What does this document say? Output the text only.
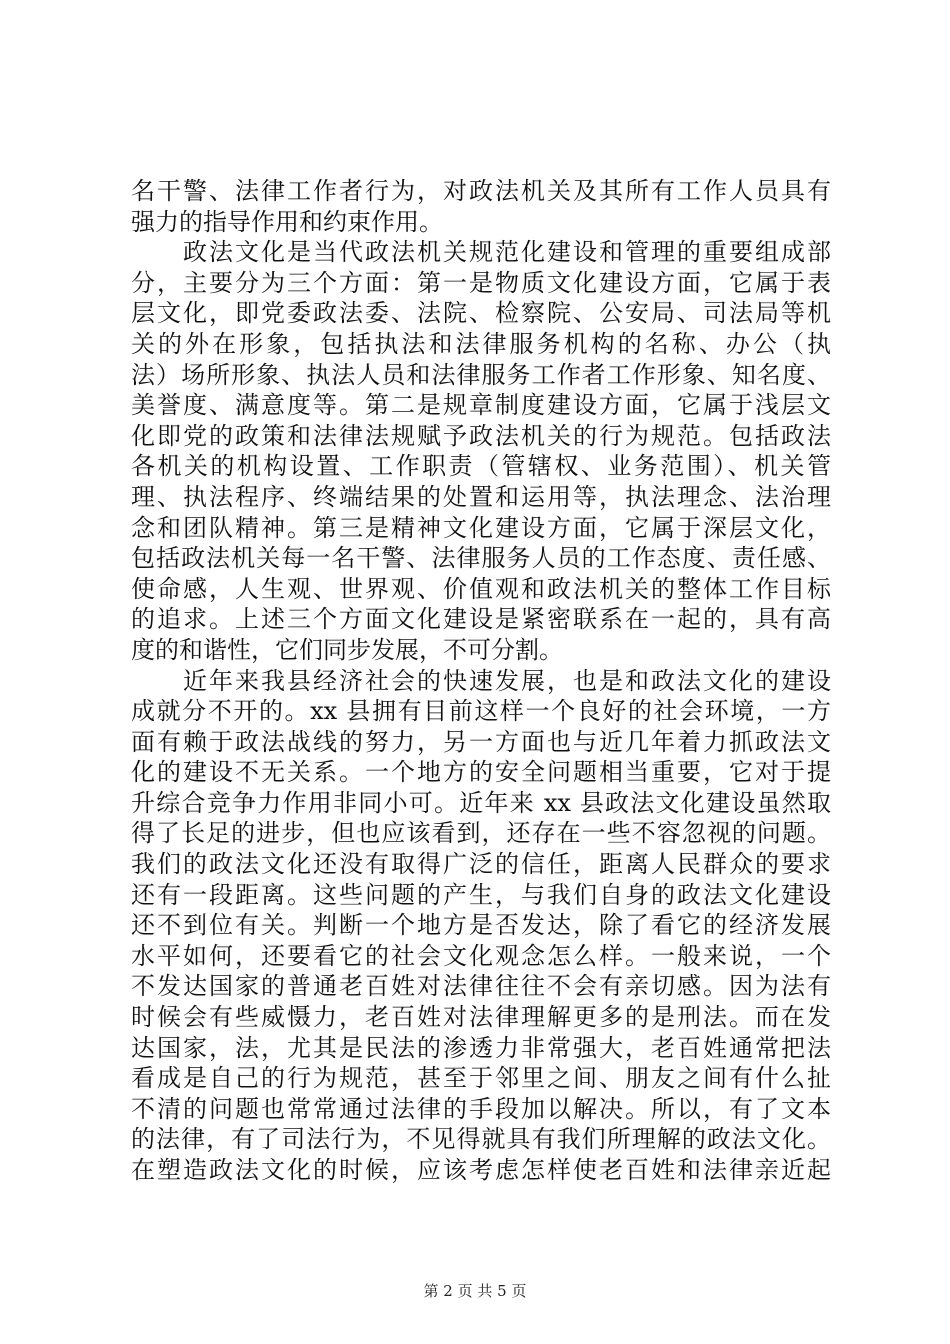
名干警、法律工作者行为，对政法机关及其所有工作人员具有
强力的指导作用和约束作用。
　　政法文化是当代政法机关规范化建设和管理的重要组成部
分，主要分为三个方面：第一是物质文化建设方面，它属于表
层文化，即党委政法委、法院、检察院、公安局、司法局等机
关的外在形象，包括执法和法律服务机构的名称、办公（执
法）场所形象、执法人员和法律服务工作者工作形象、知名度、
美誉度、满意度等。第二是规章制度建设方面，它属于浅层文
化即党的政策和法律法规赋予政法机关的行为规范。包括政法
各机关的机构设置、工作职责（管辖权、业务范围）、机关管
理、执法程序、终端结果的处置和运用等，执法理念、法治理
念和团队精神。第三是精神文化建设方面，它属于深层文化，
包括政法机关每一名干警、法律服务人员的工作态度、责任感、
使命感，人生观、世界观、价值观和政法机关的整体工作目标
的追求。上述三个方面文化建设是紧密联系在一起的，具有高
度的和谐性，它们同步发展，不可分割。
　　近年来我县经济社会的快速发展，也是和政法文化的建设
成就分不开的。xx 县拥有目前这样一个良好的社会环境，一方
面有赖于政法战线的努力，另一方面也与近几年着力抓政法文
化的建设不无关系。一个地方的安全问题相当重要，它对于提
升综合竞争力作用非同小可。近年来 xx 县政法文化建设虽然取
得了长足的进步，但也应该看到，还存在一些不容忽视的问题。
我们的政法文化还没有取得广泛的信任，距离人民群众的要求
还有一段距离。这些问题的产生，与我们自身的政法文化建设
还不到位有关。判断一个地方是否发达，除了看它的经济发展
水平如何，还要看它的社会文化观念怎么样。一般来说，一个
不发达国家的普通老百姓对法律往往不会有亲切感。因为法有
时候会有些威慑力，老百姓对法律理解更多的是刑法。而在发
达国家，法，尤其是民法的渗透力非常强大，老百姓通常把法
看成是自己的行为规范，甚至于邻里之间、朋友之间有什么扯
不清的问题也常常通过法律的手段加以解决。所以，有了文本
的法律，有了司法行为，不见得就具有我们所理解的政法文化。
在塑造政法文化的时候，应该考虑怎样使老百姓和法律亲近起
第 2 页 共 5 页
